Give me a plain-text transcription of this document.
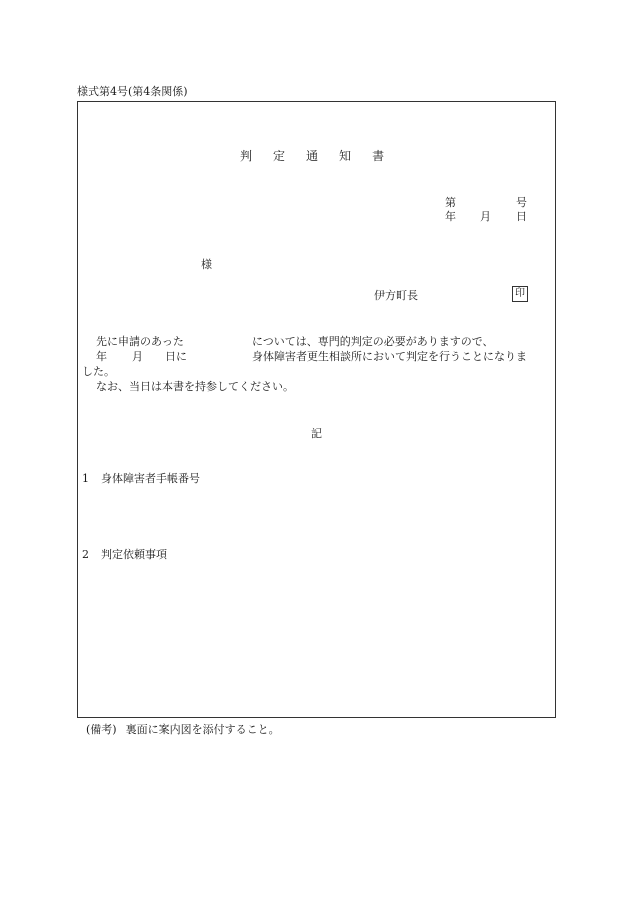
様式第4号(第4条関係)
判 定 通 知 書
第	号
年 月 日
様
伊方町長	印
先に申請のあった	については、専門的判定の必要がありますので、
年 月 日に	身体障害者更生相談所において判定を行うことになりま
した。
なお、当日は本書を持参してください。
記
1 身体障害者手帳番号
2 判定依頼事項
(備考) 裏面に案内図を添付すること。
